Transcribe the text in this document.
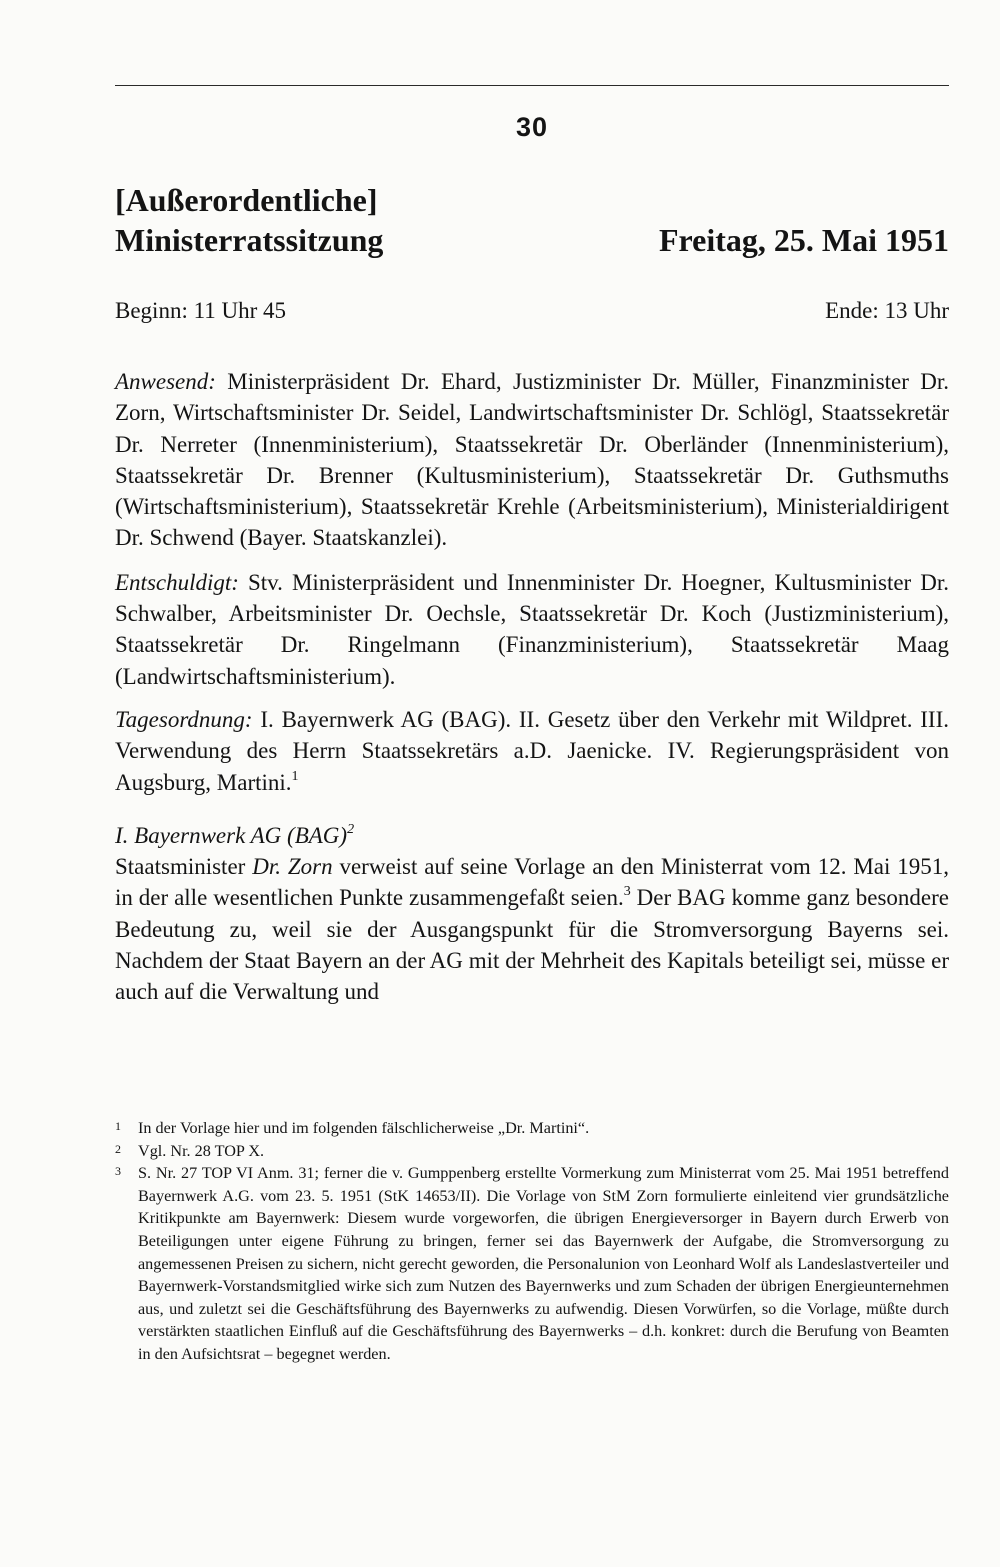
30
[Außerordentliche]
Ministerratssitzung	Freitag, 25. Mai 1951
Beginn: 11 Uhr 45	Ende: 13 Uhr

Anwesend: Ministerpräsident Dr. Ehard, Justizminister Dr. Müller, Finanzminister Dr. Zorn, Wirtschaftsminister Dr. Seidel, Landwirtschaftsminister Dr. Schlögl, Staatssekretär Dr. Nerreter (Innenministerium), Staatssekretär Dr. Oberländer (Innenministerium), Staatssekretär Dr. Brenner (Kultusministerium), Staatssekretär Dr. Guthsmuths (Wirtschaftsministerium), Staatssekretär Krehle (Arbeitsministerium), Ministerialdirigent Dr. Schwend (Bayer. Staatskanzlei).

Entschuldigt: Stv. Ministerpräsident und Innenminister Dr. Hoegner, Kultusminister Dr. Schwalber, Arbeitsminister Dr. Oechsle, Staatssekretär Dr. Koch (Justizministerium), Staatssekretär Dr. Ringelmann (Finanzministerium), Staatssekretär Maag (Landwirtschaftsministerium).

Tagesordnung: I. Bayernwerk AG (BAG). II. Gesetz über den Verkehr mit Wildpret. III. Verwendung des Herrn Staatssekretärs a.D. Jaenicke. IV. Regierungspräsident von Augsburg, Martini.$^1$

I. Bayernwerk AG (BAG)$^2$

Staatsminister Dr. Zorn verweist auf seine Vorlage an den Ministerrat vom 12. Mai 1951, in der alle wesentlichen Punkte zusammengefaßt seien.$^3$ Der BAG komme ganz besondere Bedeutung zu, weil sie der Ausgangspunkt für die Stromversorgung Bayerns sei. Nachdem der Staat Bayern an der AG mit der Mehrheit des Kapitals beteiligt sei, müsse er auch auf die Verwaltung und

1	In der Vorlage hier und im folgenden fälschlicherweise „Dr. Martini“.

2	Vgl. Nr. 28 TOP X.

3	S. Nr. 27 TOP VI Anm. 31; ferner die v. Gumppenberg erstellte Vormerkung zum Ministerrat vom 25. Mai 1951 betreffend Bayernwerk A.G. vom 23. 5. 1951 (StK 14653/II). Die Vorlage von StM Zorn formulierte einleitend vier grundsätzliche Kritikpunkte am Bayernwerk: Diesem wurde vorgeworfen, die übrigen Energieversorger in Bayern durch Erwerb von Beteiligungen unter eigene Führung zu bringen, ferner sei das Bayernwerk der Aufgabe, die Stromversorgung zu angemessenen Preisen zu sichern, nicht gerecht geworden, die Personalunion von Leonhard Wolf als Landeslastverteiler und Bayernwerk-Vorstandsmitglied wirke sich zum Nutzen des Bayernwerks und zum Schaden der übrigen Energieunternehmen aus, und zuletzt sei die Geschäftsführung des Bayernwerks zu aufwendig. Diesen Vorwürfen, so die Vorlage, müßte durch verstärkten staatlichen Einfluß auf die Geschäftsführung des Bayernwerks – d.h. konkret: durch die Berufung von Beamten in den Aufsichtsrat – begegnet werden.
